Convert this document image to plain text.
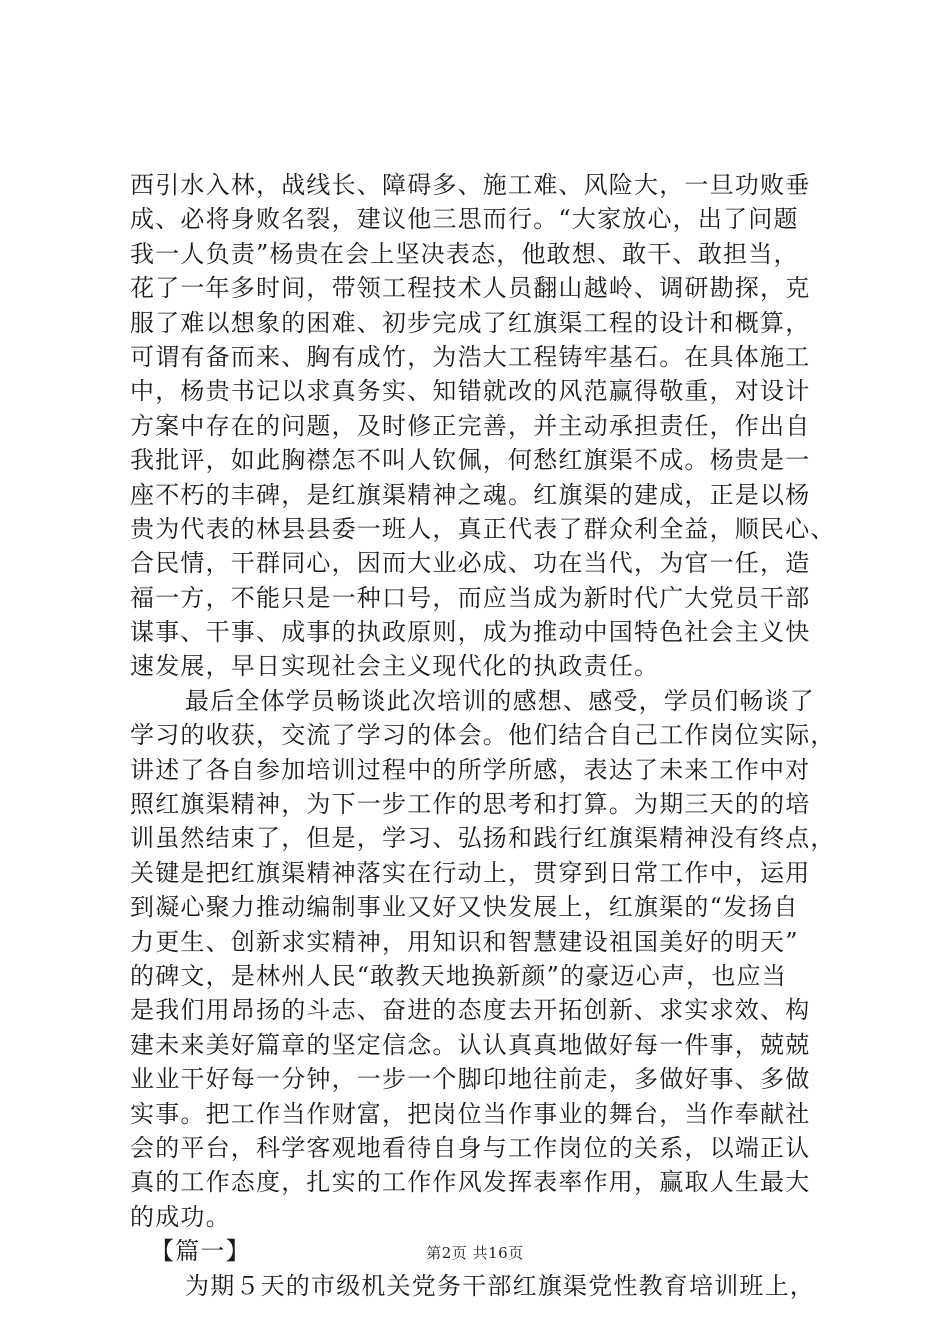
西引水入林，战线长、障碍多、施工难、风险大，一旦功败垂
成、必将身败名裂，建议他三思而行。“大家放心，出了问题
我一人负责”杨贵在会上坚决表态，他敢想、敢干、敢担当，
花了一年多时间，带领工程技术人员翻山越岭、调研勘探，克
服了难以想象的困难、初步完成了红旗渠工程的设计和概算，
可谓有备而来、胸有成竹，为浩大工程铸牢基石。在具体施工
中，杨贵书记以求真务实、知错就改的风范赢得敬重，对设计
方案中存在的问题，及时修正完善，并主动承担责任，作出自
我批评，如此胸襟怎不叫人钦佩，何愁红旗渠不成。杨贵是一
座不朽的丰碑，是红旗渠精神之魂。红旗渠的建成，正是以杨
贵为代表的林县县委一班人，真正代表了群众利全益，顺民心、
合民情，干群同心，因而大业必成、功在当代，为官一任，造
福一方，不能只是一种口号，而应当成为新时代广大党员干部
谋事、干事、成事的执政原则，成为推动中国特色社会主义快
速发展，早日实现社会主义现代化的执政责任。
最后全体学员畅谈此次培训的感想、感受，学员们畅谈了
学习的收获，交流了学习的体会。他们结合自己工作岗位实际，
讲述了各自参加培训过程中的所学所感，表达了未来工作中对
照红旗渠精神，为下一步工作的思考和打算。为期三天的的培
训虽然结束了，但是，学习、弘扬和践行红旗渠精神没有终点，
关键是把红旗渠精神落实在行动上，贯穿到日常工作中，运用
到凝心聚力推动编制事业又好又快发展上，红旗渠的“发扬自
力更生、创新求实精神，用知识和智慧建设祖国美好的明天”
的碑文，是林州人民“敢教天地换新颜”的豪迈心声，也应当
是我们用昂扬的斗志、奋进的态度去开拓创新、求实求效、构
建未来美好篇章的坚定信念。认认真真地做好每一件事，兢兢
业业干好每一分钟，一步一个脚印地往前走，多做好事、多做
实事。把工作当作财富，把岗位当作事业的舞台，当作奉献社
会的平台，科学客观地看待自身与工作岗位的关系，以端正认
真的工作态度，扎实的工作作风发挥表率作用，赢取人生最大
的成功。
【篇一】
为期５天的市级机关党务干部红旗渠党性教育培训班上，
第2页 共16页
